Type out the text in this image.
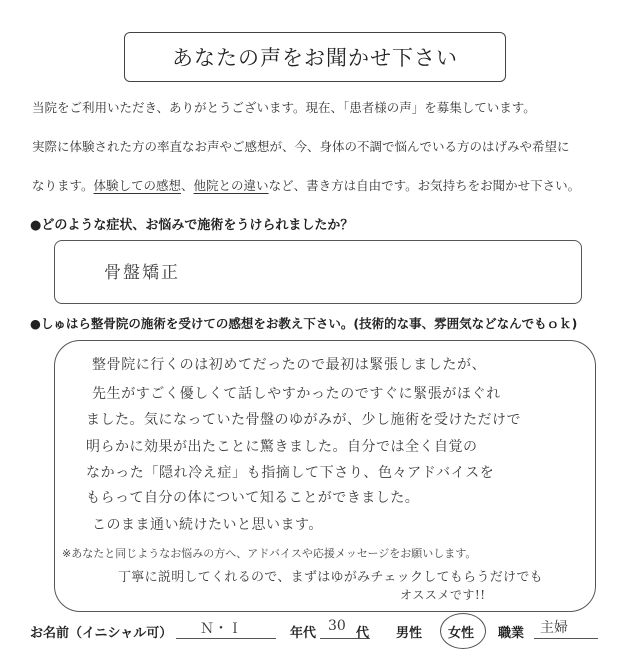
あなたの声をお聞かせ下さい
当院をご利用いただき、ありがとうございます。現在、「患者様の声」を募集しています。
実際に体験された方の率直なお声やご感想が、今、身体の不調で悩んでいる方のはげみや希望に
なります。体験しての感想、他院との違いなど、書き方は自由です。お気持ちをお聞かせ下さい。
●どのような症状、お悩みで施術をうけられましたか？
骨盤矯正
●しゅはら整骨院の施術を受けての感想をお教え下さい。(技術的な事、雰囲気などなんでもｏｋ)
整骨院に行くのは初めてだったので最初は緊張しましたが、
先生がすごく優しくて話しやすかったのですぐに緊張がほぐれ
ました。気になっていた骨盤のゆがみが、少し施術を受けただけで
明らかに効果が出たことに驚きました。自分では全く自覚の
なかった「隠れ冷え症」も指摘して下さり、色々アドバイスを
もらって自分の体について知ることができました。
このまま通い続けたいと思います。
※あなたと同じようなお悩みの方へ、アドバイスや応援メッセージをお願いします。
丁寧に説明してくれるので、まずはゆがみチェックしてもらうだけでも
オススメです!!
お名前（イニシャル可） Ｎ・Ｉ	年代 30 代 男性 女性 職業 主婦
